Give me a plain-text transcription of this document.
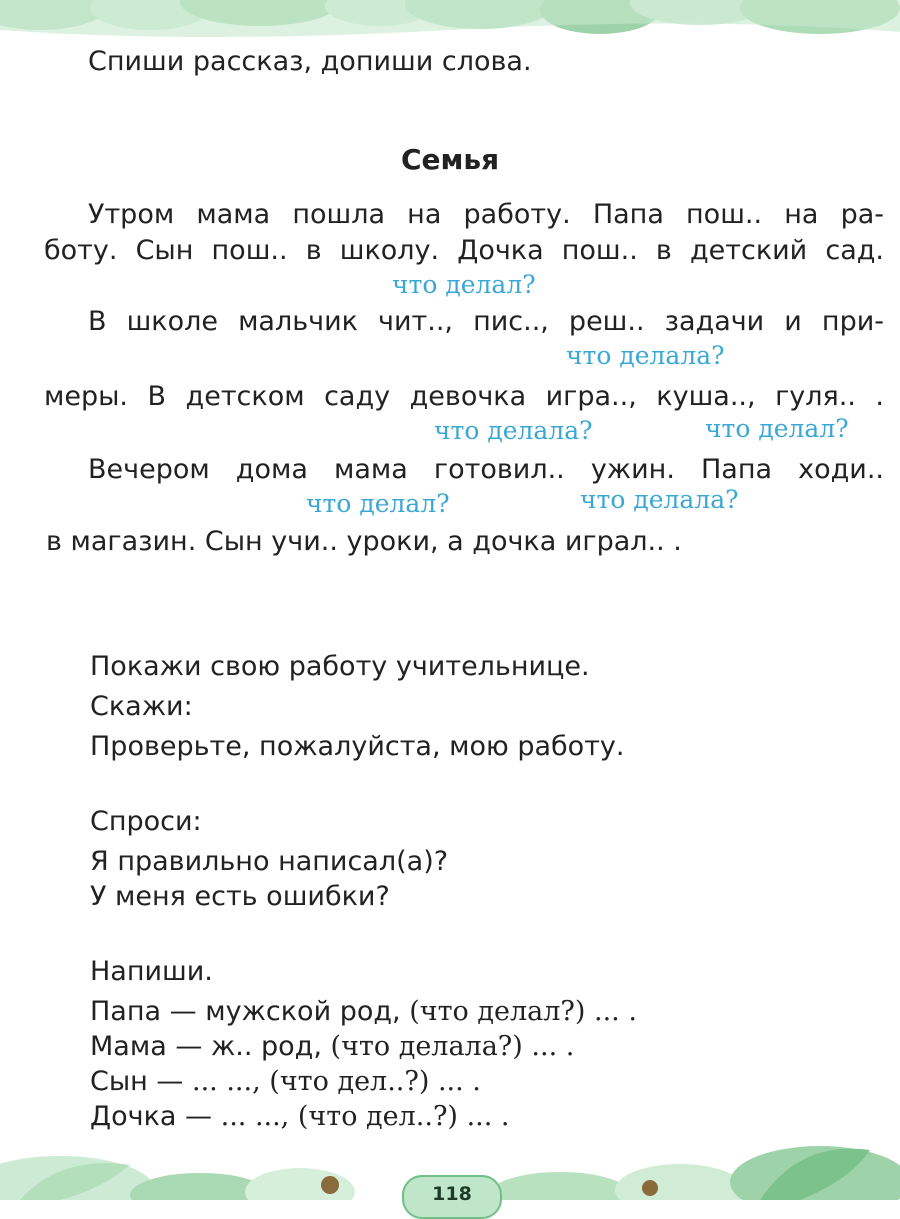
Спиши рассказ, допиши слова.

Семья

Утром мама пошла на работу. Папа пош.. на ра-

боту. Сын пош.. в школу. Дочка пош.. в детский сад.

что делал?

В школе мальчик чит.., пис.., реш.. задачи и при-

что делала?

меры. В детском саду девочка игра.., куша.., гуля.. .

что делала?	что делал?

Вечером дома мама готовил.. ужин. Папа ходи..

что делал?	что делала?

в магазин. Сын учи.. уроки, а дочка играл.. .

Покажи свою работу учительнице.

Скажи:

Проверьте, пожалуйста, мою работу.

Спроси:

Я правильно написал(а)?

У меня есть ошибки?

Напиши.

Папа — мужской род, (что делал?) ... .

Мама — ж.. род, (что делала?) ... .

Сын — ... ..., (что дел..?) ... .

Дочка — ... ..., (что дел..?) ... .

118
